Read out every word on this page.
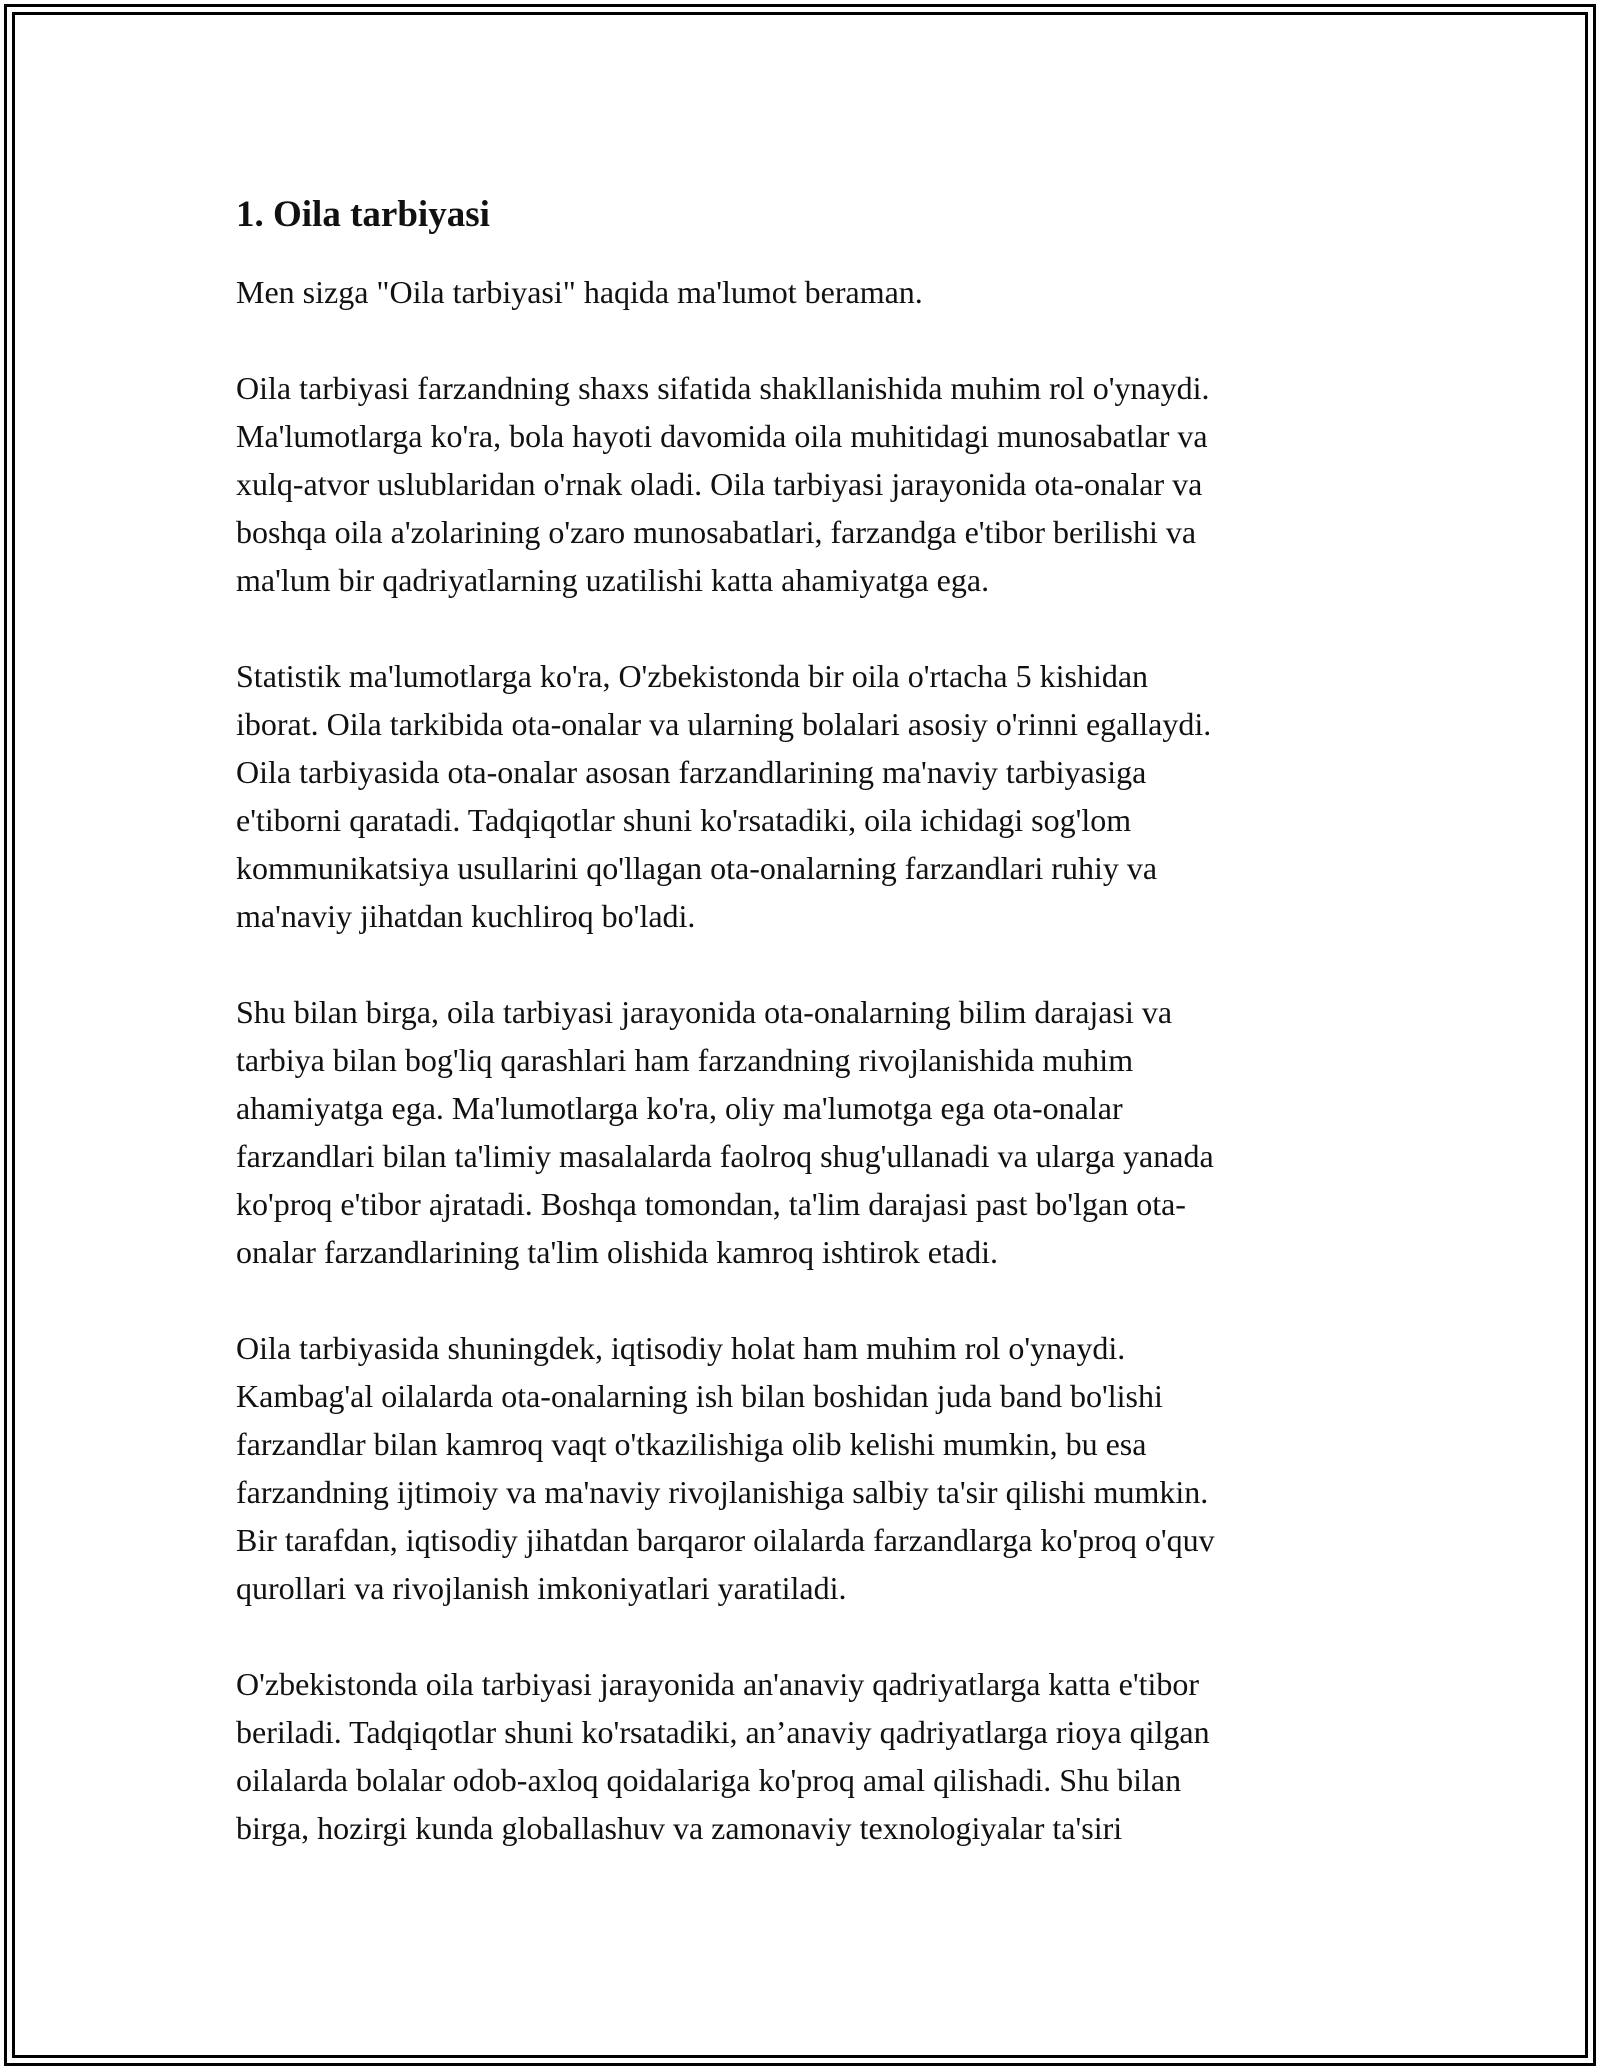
1. Oila tarbiyasi

Men sizga "Oila tarbiyasi" haqida ma'lumot beraman.

Oila tarbiyasi farzandning shaxs sifatida shakllanishida muhim rol o'ynaydi.
Ma'lumotlarga ko'ra, bola hayoti davomida oila muhitidagi munosabatlar va
xulq-atvor uslublaridan o'rnak oladi. Oila tarbiyasi jarayonida ota-onalar va
boshqa oila a'zolarining o'zaro munosabatlari, farzandga e'tibor berilishi va
ma'lum bir qadriyatlarning uzatilishi katta ahamiyatga ega.

Statistik ma'lumotlarga ko'ra, O'zbekistonda bir oila o'rtacha 5 kishidan
iborat. Oila tarkibida ota-onalar va ularning bolalari asosiy o'rinni egallaydi.
Oila tarbiyasida ota-onalar asosan farzandlarining ma'naviy tarbiyasiga
e'tiborni qaratadi. Tadqiqotlar shuni ko'rsatadiki, oila ichidagi sog'lom
kommunikatsiya usullarini qo'llagan ota-onalarning farzandlari ruhiy va
ma'naviy jihatdan kuchliroq bo'ladi.

Shu bilan birga, oila tarbiyasi jarayonida ota-onalarning bilim darajasi va
tarbiya bilan bog'liq qarashlari ham farzandning rivojlanishida muhim
ahamiyatga ega. Ma'lumotlarga ko'ra, oliy ma'lumotga ega ota-onalar
farzandlari bilan ta'limiy masalalarda faolroq shug'ullanadi va ularga yanada
ko'proq e'tibor ajratadi. Boshqa tomondan, ta'lim darajasi past bo'lgan ota-
onalar farzandlarining ta'lim olishida kamroq ishtirok etadi.

Oila tarbiyasida shuningdek, iqtisodiy holat ham muhim rol o'ynaydi.
Kambag'al oilalarda ota-onalarning ish bilan boshidan juda band bo'lishi
farzandlar bilan kamroq vaqt o'tkazilishiga olib kelishi mumkin, bu esa
farzandning ijtimoiy va ma'naviy rivojlanishiga salbiy ta'sir qilishi mumkin.
Bir tarafdan, iqtisodiy jihatdan barqaror oilalarda farzandlarga ko'proq o'quv
qurollari va rivojlanish imkoniyatlari yaratiladi.

O'zbekistonda oila tarbiyasi jarayonida an'anaviy qadriyatlarga katta e'tibor
beriladi. Tadqiqotlar shuni ko'rsatadiki, an’anaviy qadriyatlarga rioya qilgan
oilalarda bolalar odob-axloq qoidalariga ko'proq amal qilishadi. Shu bilan
birga, hozirgi kunda globallashuv va zamonaviy texnologiyalar ta'siri
